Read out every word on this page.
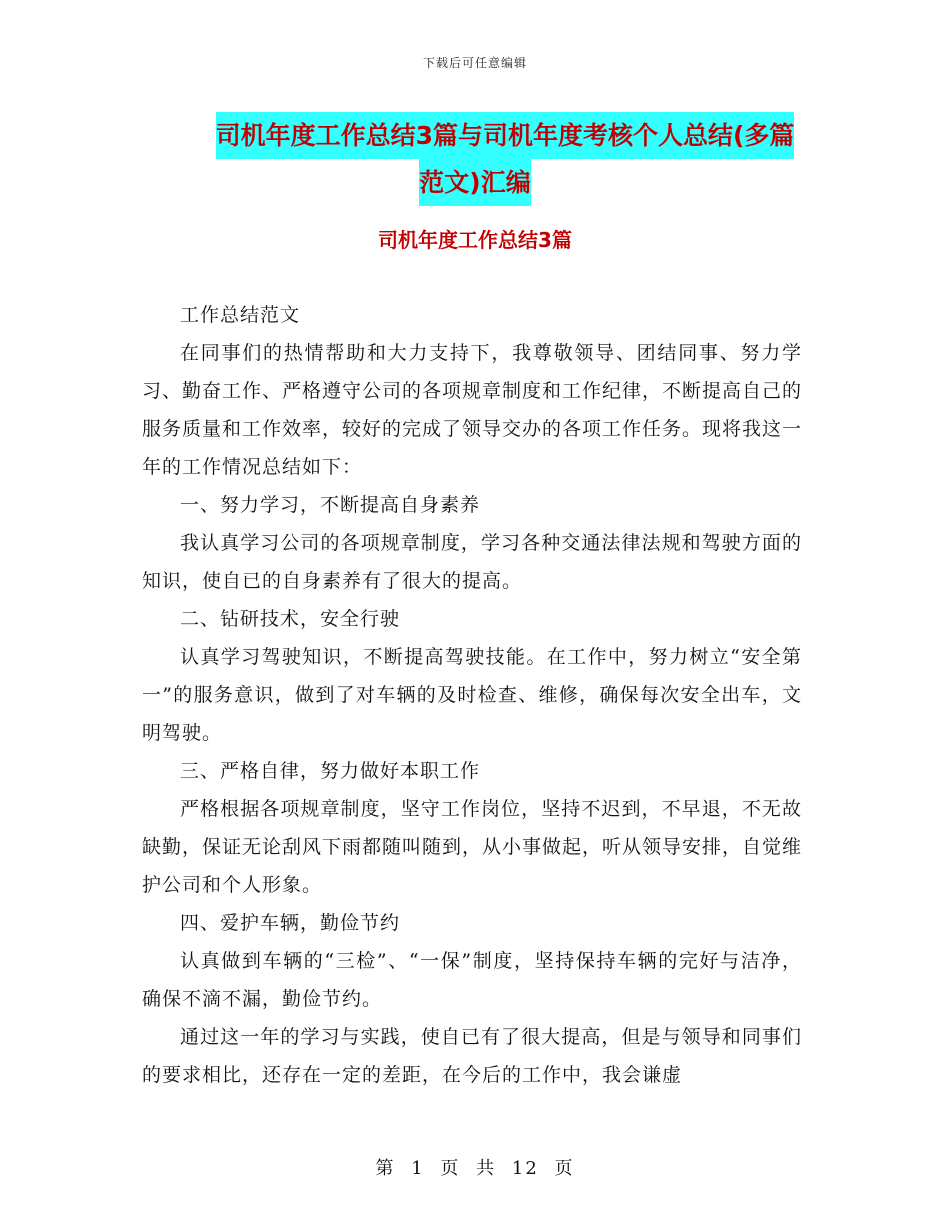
下载后可任意编辑
司机年度工作总结3篇与司机年度考核个人总结(多篇
范文)汇编
司机年度工作总结3篇

工作总结范文

在同事们的热情帮助和大力支持下，我尊敬领导、团结同事、努力学习、勤奋工作、严格遵守公司的各项规章制度和工作纪律，不断提高自己的服务质量和工作效率，较好的完成了领导交办的各项工作任务。现将我这一年的工作情况总结如下：

一、努力学习，不断提高自身素养

我认真学习公司的各项规章制度，学习各种交通法律法规和驾驶方面的知识，使自已的自身素养有了很大的提高。

二、钻研技术，安全行驶

认真学习驾驶知识，不断提高驾驶技能。在工作中，努力树立“安全第一”的服务意识，做到了对车辆的及时检查、维修，确保每次安全出车，文明驾驶。

三、严格自律，努力做好本职工作

严格根据各项规章制度，坚守工作岗位，坚持不迟到，不早退，不无故缺勤，保证无论刮风下雨都随叫随到，从小事做起，听从领导安排，自觉维护公司和个人形象。

四、爱护车辆，勤俭节约

认真做到车辆的“三检”、“一保”制度，坚持保持车辆的完好与洁净，确保不滴不漏，勤俭节约。

通过这一年的学习与实践，使自已有了很大提高，但是与领导和同事们的要求相比，还存在一定的差距，在今后的工作中，我会谦虚

第 1 页 共 12 页
